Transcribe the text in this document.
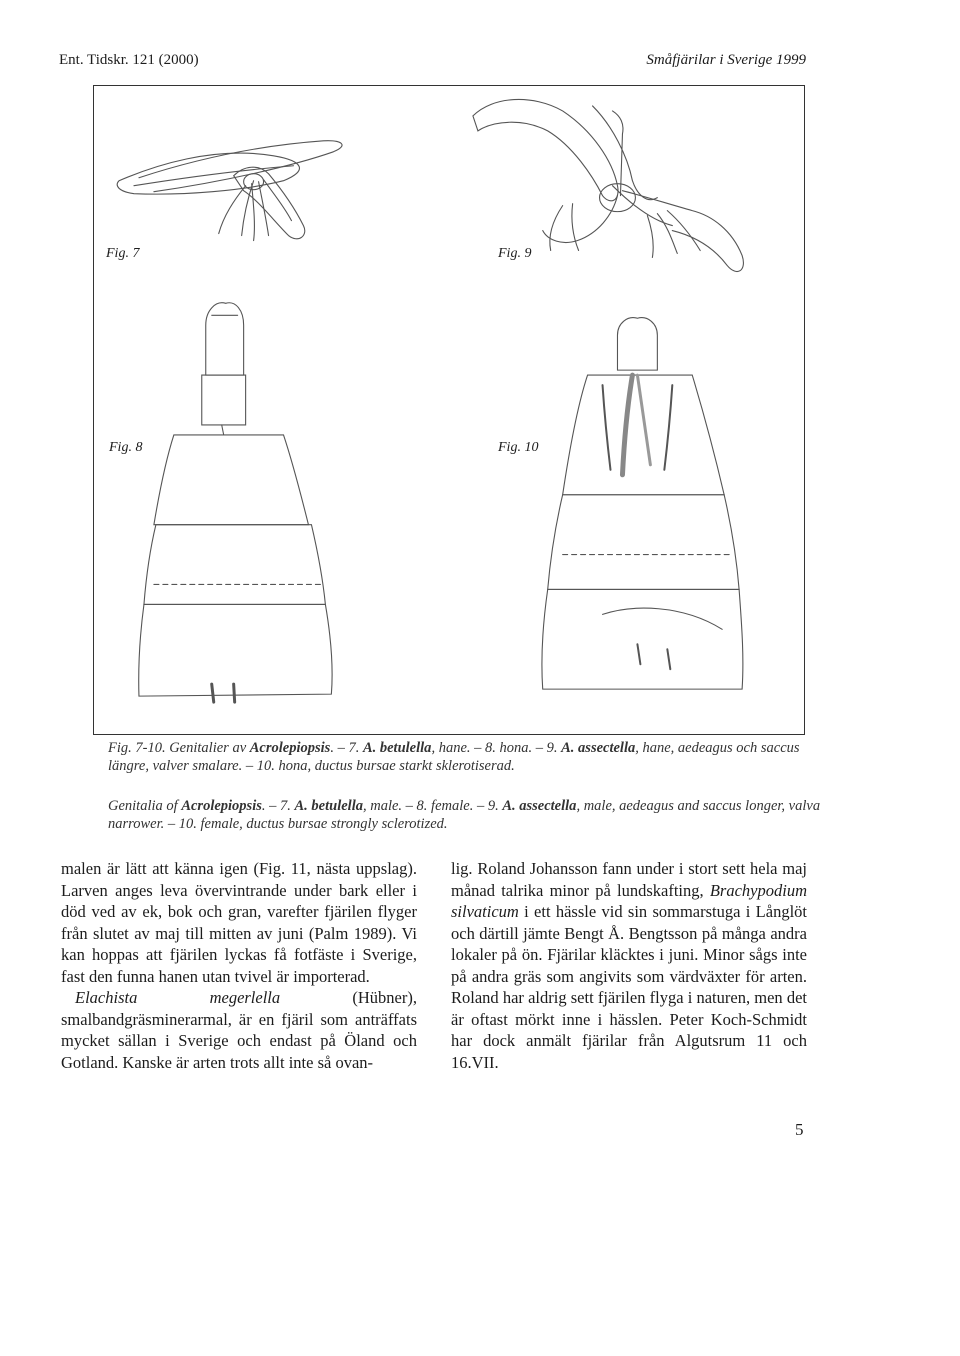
Ent. Tidskr. 121 (2000)	Småfjärilar i Sverige 1999
Fig. 7	Fig. 9
Fig. 8	Fig. 10
Fig. 7-10. Genitalier av Acrolepiopsis. – 7. A. betulella, hane. – 8. hona. – 9. A. assectella, hane, aedeagus och saccus längre, valver smalare. – 10. hona, ductus bursae starkt sklerotiserad.
Genitalia of Acrolepiopsis. – 7. A. betulella, male. – 8. female. – 9. A. assectella, male, aedeagus and saccus longer, valva narrower. – 10. female, ductus bursae strongly sclerotized.

malen är lätt att känna igen (Fig. 11, nästa uppslag). Larven anges leva övervintrande under bark eller i död ved av ek, bok och gran, varefter fjärilen flyger från slutet av maj till mitten av juni (Palm 1989). Vi kan hoppas att fjärilen lyckas få fotfäste i Sverige, fast den funna hanen utan tvivel är importerad.

Elachista megerlella (Hübner), smalbandgräsminerarmal, är en fjäril som anträffats mycket sällan i Sverige och endast på Öland och Gotland. Kanske är arten trots allt inte så ovan-

lig. Roland Johansson fann under i stort sett hela maj månad talrika minor på lundskafting, Brachypodium silvaticum i ett hässle vid sin sommarstuga i Långlöt och därtill jämte Bengt Å. Bengtsson på många andra lokaler på ön. Fjärilar kläcktes i juni. Minor sågs inte på andra gräs som angivits som värdväxter för arten. Roland har aldrig sett fjärilen flyga i naturen, men det är oftast mörkt inne i hässlen. Peter Koch-Schmidt har dock anmält fjärilar från Algutsrum 11 och 16.VII.

5
